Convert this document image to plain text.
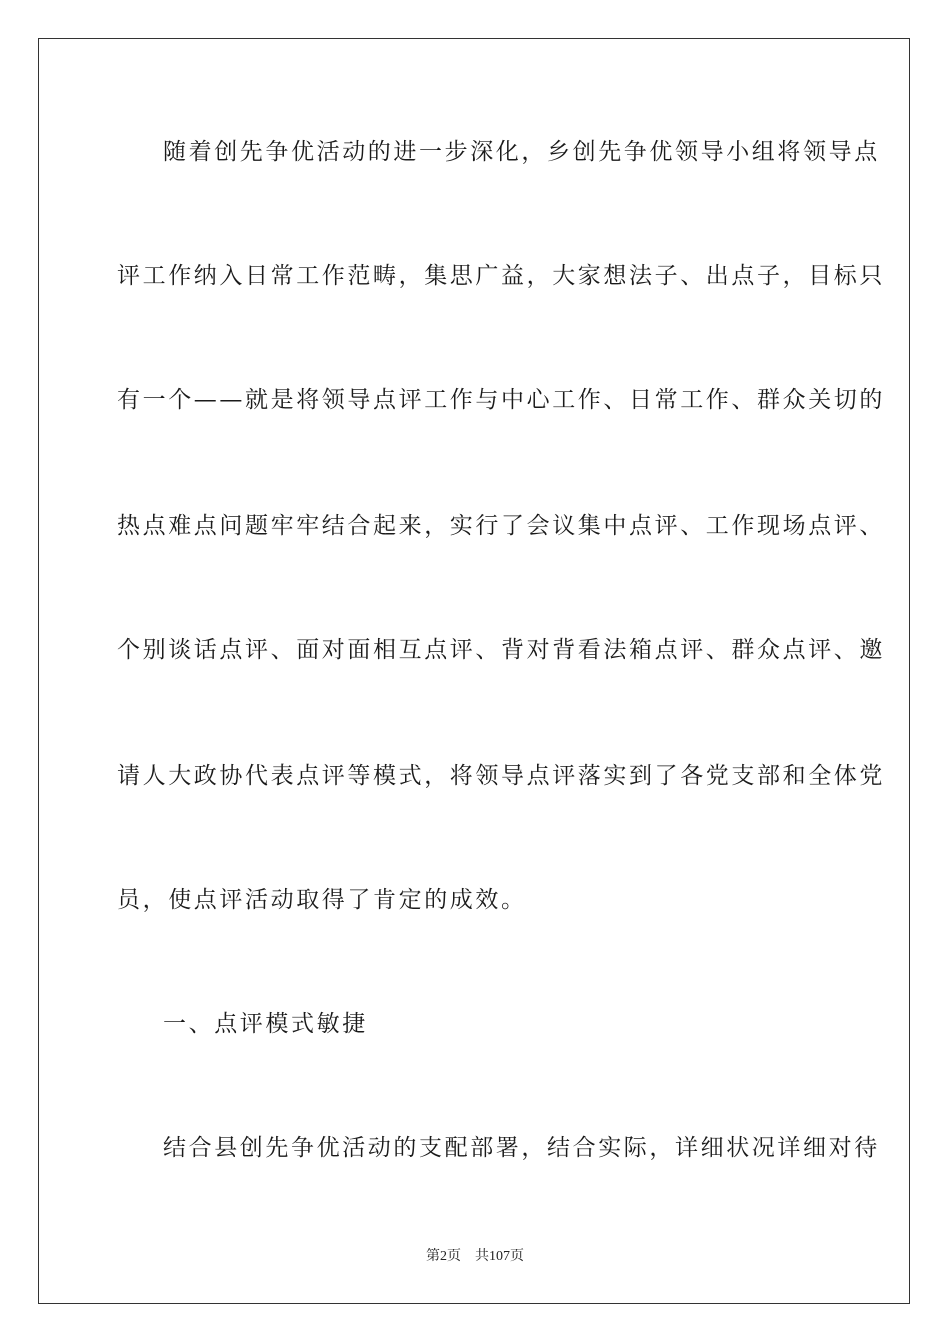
随着创先争优活动的进一步深化，乡创先争优领导小组将领导点
评工作纳入日常工作范畴，集思广益，大家想法子、出点子，目标只
有一个——就是将领导点评工作与中心工作、日常工作、群众关切的
热点难点问题牢牢结合起来，实行了会议集中点评、工作现场点评、
个别谈话点评、面对面相互点评、背对背看法箱点评、群众点评、邀
请人大政协代表点评等模式，将领导点评落实到了各党支部和全体党
员，使点评活动取得了肯定的成效。
一、点评模式敏捷
结合县创先争优活动的支配部署，结合实际，详细状况详细对待
第2页 共107页
